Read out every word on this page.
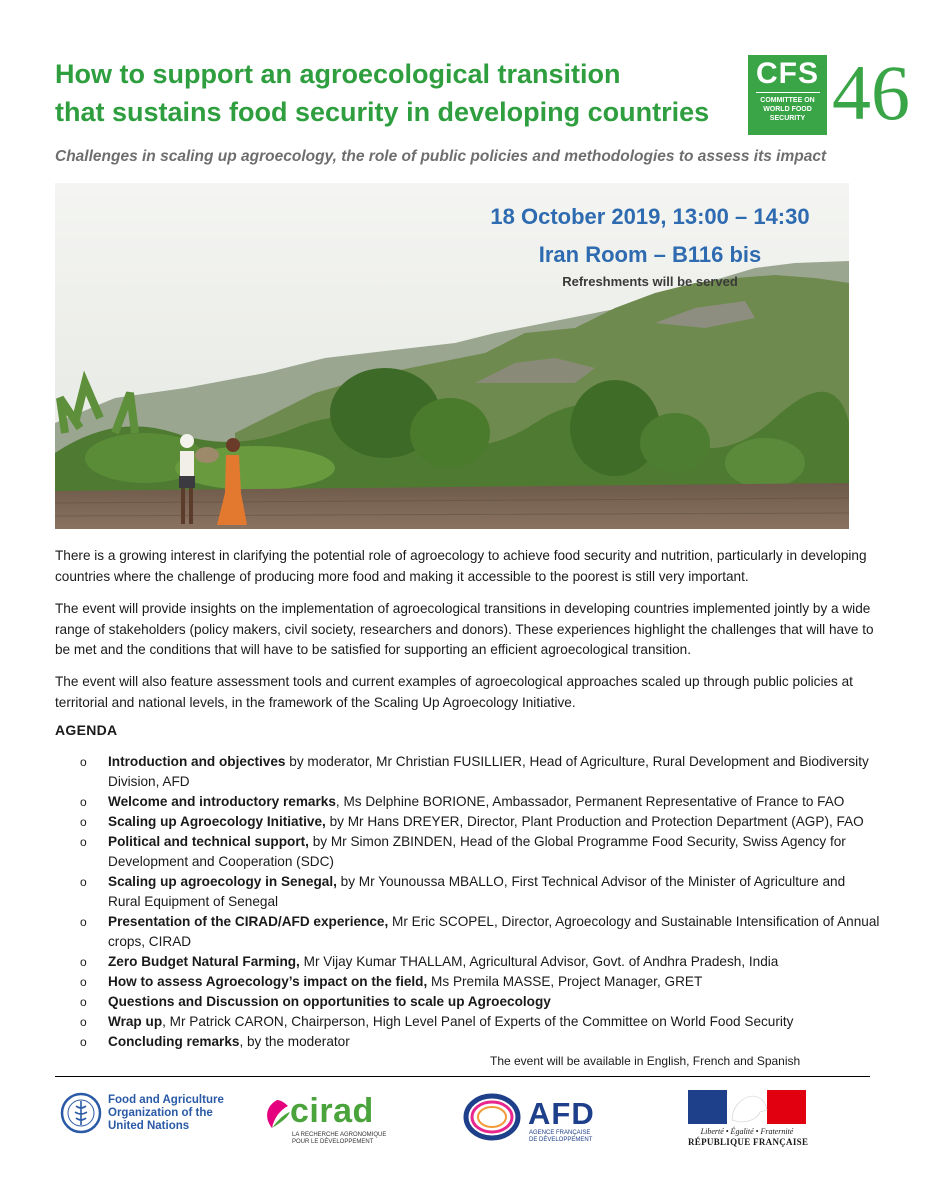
How to support an agroecological transition
that sustains food security in developing countries
CFS
COMMITTEE ON
WORLD FOOD
SECURITY 46
Challenges in scaling up agroecology, the role of public policies and methodologies to assess its impact
18 October 2019, 13:00 – 14:30
Iran Room – B116 bis
Refreshments will be served
There is a growing interest in clarifying the potential role of agroecology to achieve food security and nutrition, particularly in developing countries where the challenge of producing more food and making it accessible to the poorest is still very important.
The event will provide insights on the implementation of agroecological transitions in developing countries implemented jointly by a wide range of stakeholders (policy makers, civil society, researchers and donors). These experiences highlight the challenges that will have to be met and the conditions that will have to be satisfied for supporting an efficient agroecological transition.
The event will also feature assessment tools and current examples of agroecological approaches scaled up through public policies at territorial and national levels, in the framework of the Scaling Up Agroecology Initiative.
AGENDA
o Introduction and objectives by moderator, Mr Christian FUSILLIER, Head of Agriculture, Rural Development and Biodiversity Division, AFD
o Welcome and introductory remarks, Ms Delphine BORIONE, Ambassador, Permanent Representative of France to FAO
o Scaling up Agroecology Initiative, by Mr Hans DREYER, Director, Plant Production and Protection Department (AGP), FAO
o Political and technical support, by Mr Simon ZBINDEN, Head of the Global Programme Food Security, Swiss Agency for Development and Cooperation (SDC)
o Scaling up agroecology in Senegal, by Mr Younoussa MBALLO, First Technical Advisor of the Minister of Agriculture and Rural Equipment of Senegal
o Presentation of the CIRAD/AFD experience, Mr Eric SCOPEL, Director, Agroecology and Sustainable Intensification of Annual crops, CIRAD
o Zero Budget Natural Farming, Mr Vijay Kumar THALLAM, Agricultural Advisor, Govt. of Andhra Pradesh, India
o How to assess Agroecology’s impact on the field, Ms Premila MASSE, Project Manager, GRET
o Questions and Discussion on opportunities to scale up Agroecology
o Wrap up, Mr Patrick CARON, Chairperson, High Level Panel of Experts of the Committee on World Food Security
o Concluding remarks, by the moderator
The event will be available in English, French and Spanish
Food and Agriculture
Organization of the
United Nations	cirad
LA RECHERCHE AGRONOMIQUE
POUR LE DÉVELOPPEMENT
AFD
AGENCE FRANÇAISE
DE DÉVELOPPEMENT
Liberté • Égalité • Fraternité
RÉPUBLIQUE FRANÇAISE
